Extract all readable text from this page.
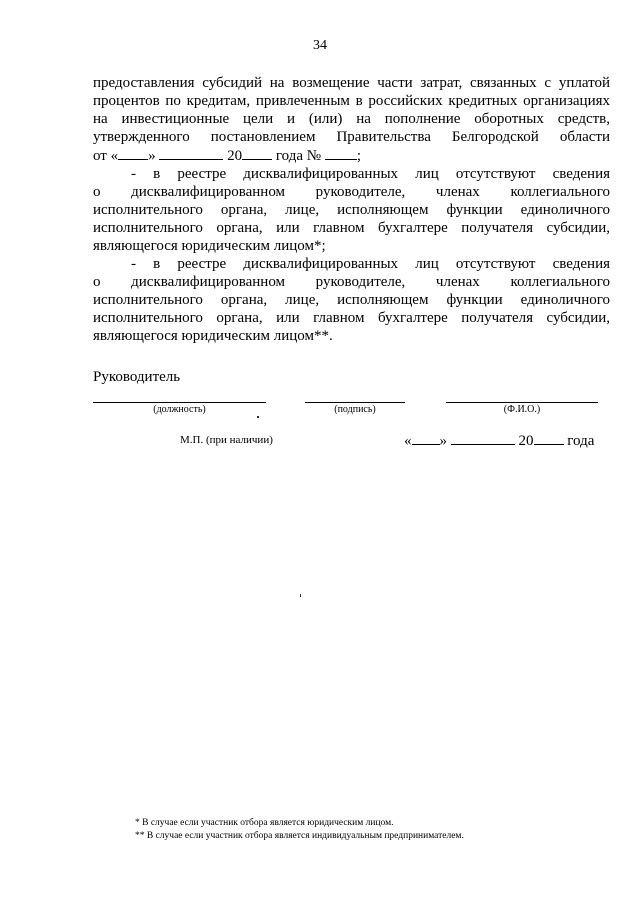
34
предоставления субсидий на возмещение части затрат, связанных с уплатой
процентов по кредитам, привлеченным в российских кредитных организациях
на инвестиционные цели и (или) на пополнение оборотных средств,
утвержденного постановлением Правительства Белгородской области
от « »	20 года № ;
- в реестре дисквалифицированных лиц отсутствуют сведения
о дисквалифицированном руководителе, членах коллегиального
исполнительного органа, лице, исполняющем функции единоличного
исполнительного органа, или главном бухгалтере получателя субсидии,
являющегося юридическим лицом*;
- в реестре дисквалифицированных лиц отсутствуют сведения
о дисквалифицированном руководителе, членах коллегиального
исполнительного органа, лице, исполняющем функции единоличного
исполнительного органа, или главном бухгалтере получателя субсидии,
являющегося юридическим лицом**.
Руководитель
(должность)	(подпись)	(Ф.И.О.)
М.П. (при наличии)	« »	20 года
* В случае если участник отбора является юридическим лицом.
** В случае если участник отбора является индивидуальным предпринимателем.
